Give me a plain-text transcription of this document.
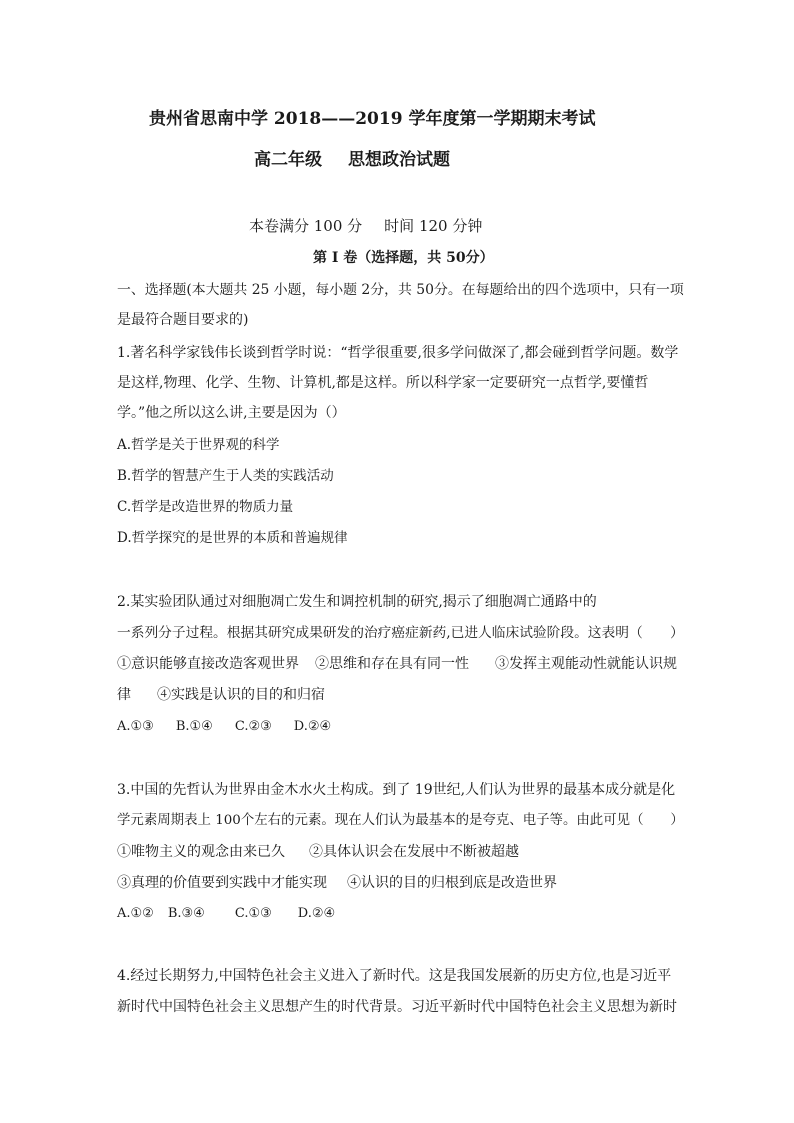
贵州省思南中学 2018——2019 学年度第一学期期末考试
高二年级 思想政治试题
本卷满分 100 分 时间 120 分钟
第 I 卷（选择题，共 50分）
一、选择题(本大题共 25 小题，每小题 2分，共 50分。在每题给出的四个选项中，只有一项
是最符合题目要求的)
1.著名科学家钱伟长谈到哲学时说：“哲学很重要,很多学问做深了,都会碰到哲学问题。数学
是这样,物理、化学、生物、计算机,都是这样。所以科学家一定要研究一点哲学,要懂哲
学。”他之所以这么讲,主要是因为（）
A.哲学是关于世界观的科学
B.哲学的智慧产生于人类的实践活动
C.哲学是改造世界的物质力量
D.哲学探究的是世界的本质和普遍规律
2.某实验团队通过对细胞凋亡发生和调控机制的研究,揭示了细胞凋亡通路中的
一系列分子过程。根据其研究成果研发的治疗癌症新药,已进人临床试验阶段。这表明（　　）
①意识能够直接改造客观世界 ②思维和存在具有同一性 ③发挥主观能动性就能认识规
律 ④实践是认识的目的和归宿
A.①③ B.①④ C.②③ D.②④
3.中国的先哲认为世界由金木水火土构成。到了 19世纪,人们认为世界的最基本成分就是化
学元素周期表上 100个左右的元素。现在人们认为最基本的是夸克、电子等。由此可见（　　）
①唯物主义的观念由来已久 ②具体认识会在发展中不断被超越
③真理的价值要到实践中才能实现 ④认识的目的归根到底是改造世界
A.①② B.③④ C.①③ D.②④
4.经过长期努力,中国特色社会主义进入了新时代。这是我国发展新的历史方位,也是习近平
新时代中国特色社会主义思想产生的时代背景。习近平新时代中国特色社会主义思想为新时
